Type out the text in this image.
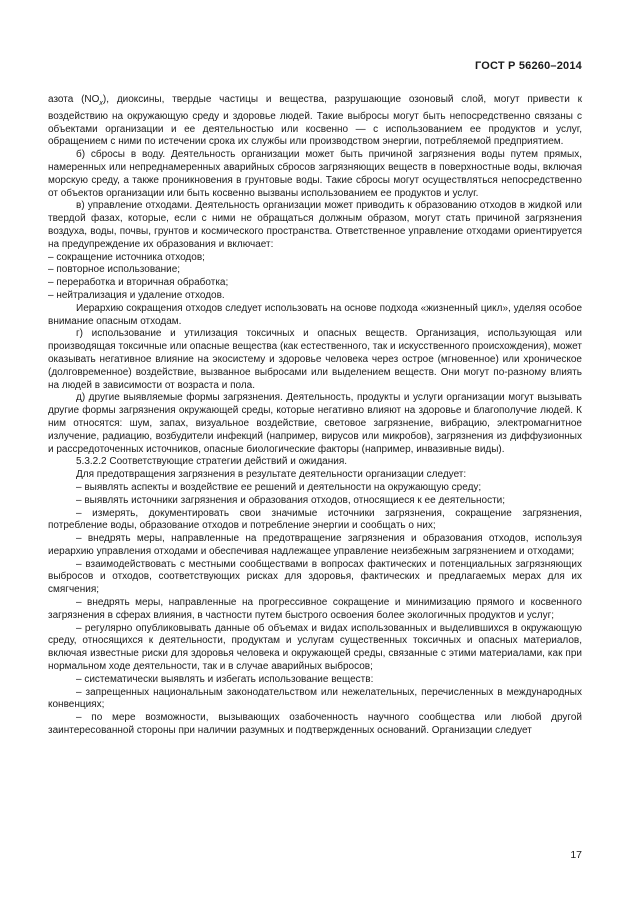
ГОСТ Р 56260–2014

азота $(NO_x)$, диоксины, твердые частицы и вещества, разрушающие озоновый слой, могут привести к воздействию на окружающую среду и здоровье людей. Такие выбросы могут быть непосредственно связаны с объектами организации и ее деятельностью или косвенно — с использованием ее продуктов и услуг, обращением с ними по истечении срока их службы или производством энергии, потребляемой предприятием.

б) сбросы в воду. Деятельность организации может быть причиной загрязнения воды путем прямых, намеренных или непреднамеренных аварийных сбросов загрязняющих веществ в поверхностные воды, включая морскую среду, а также проникновения в грунтовые воды. Такие сбросы могут осуществляться непосредственно от объектов организации или быть косвенно вызваны использованием ее продуктов и услуг.

в) управление отходами. Деятельность организации может приводить к образованию отходов в жидкой или твердой фазах, которые, если с ними не обращаться должным образом, могут стать причиной загрязнения воздуха, воды, почвы, грунтов и космического пространства. Ответственное управление отходами ориентируется на предупреждение их образования и включает:

– сокращение источника отходов;

– повторное использование;

– переработка и вторичная обработка;

– нейтрализация и удаление отходов.

Иерархию сокращения отходов следует использовать на основе подхода «жизненный цикл», уделяя особое внимание опасным отходам.

г) использование и утилизация токсичных и опасных веществ. Организация, использующая или производящая токсичные или опасные вещества (как естественного, так и искусственного происхождения), может оказывать негативное влияние на экосистему и здоровье человека через острое (мгновенное) или хроническое (долговременное) воздействие, вызванное выбросами или выделением веществ. Они могут по-разному влиять на людей в зависимости от возраста и пола.

д) другие выявляемые формы загрязнения. Деятельность, продукты и услуги организации могут вызывать другие формы загрязнения окружающей среды, которые негативно влияют на здоровье и благополучие людей. К ним относятся: шум, запах, визуальное воздействие, световое загрязнение, вибрацию, электромагнитное излучение, радиацию, возбудители инфекций (например, вирусов или микробов), загрязнения из диффузионных и рассредоточенных источников, опасные биологические факторы (например, инвазивные виды).

5.3.2.2 Соответствующие стратегии действий и ожидания.

Для предотвращения загрязнения в результате деятельности организации следует:

– выявлять аспекты и воздействие ее решений и деятельности на окружающую среду;

– выявлять источники загрязнения и образования отходов, относящиеся к ее деятельности;

– измерять, документировать свои значимые источники загрязнения, сокращение загрязнения, потребление воды, образование отходов и потребление энергии и сообщать о них;

– внедрять меры, направленные на предотвращение загрязнения и образования отходов, используя иерархию управления отходами и обеспечивая надлежащее управление неизбежным загрязнением и отходами;

– взаимодействовать с местными сообществами в вопросах фактических и потенциальных загрязняющих выбросов и отходов, соответствующих рисках для здоровья, фактических и предлагаемых мерах для их смягчения;

– внедрять меры, направленные на прогрессивное сокращение и минимизацию прямого и косвенного загрязнения в сферах влияния, в частности путем быстрого освоения более экологичных продуктов и услуг;

– регулярно опубликовывать данные об объемах и видах использованных и выделившихся в окружающую среду, относящихся к деятельности, продуктам и услугам существенных токсичных и опасных материалов, включая известные риски для здоровья человека и окружающей среды, связанные с этими материалами, как при нормальном ходе деятельности, так и в случае аварийных выбросов;

– систематически выявлять и избегать использование веществ:

– запрещенных национальным законодательством или нежелательных, перечисленных в международных конвенциях;

– по мере возможности, вызывающих озабоченность научного сообщества или любой другой заинтересованной стороны при наличии разумных и подтвержденных оснований. Организации следует

17
